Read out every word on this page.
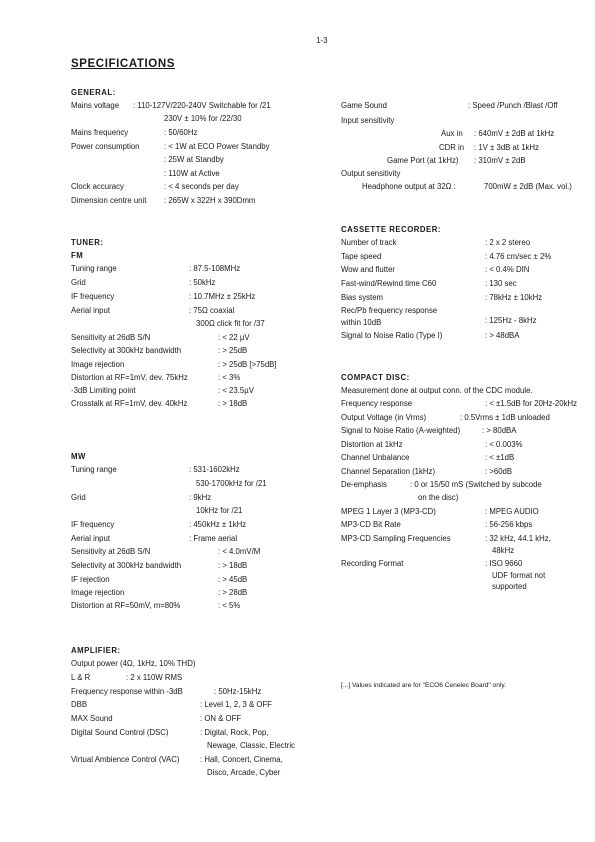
1-3
SPECIFICATIONS
GENERAL:
Mains voltage : 110-127V/220-240V Switchable for /21
230V ± 10% for /22/30
Mains frequency	: 50/60Hz
Power consumption	: < 1W at ECO Power Standby
: 25W at Standby
: 110W at Active
Clock accuracy	: < 4 seconds per day
Dimension centre unit : 265W x 322H x 390Dmm
TUNER:
FM
Tuning range	: 87.5-108MHz
Grid	: 50kHz
IF frequency	: 10.7MHz ± 25kHz
Aerial input	: 75Ω coaxial
300Ω click fit for /37
Sensitivity at 26dB S/N	: < 22 µV
Selectivity at 300kHz bandwidth	: > 25dB
Image rejection	: > 25dB [>75dB]
Distortion at RF=1mV, dev. 75kHz	: < 3%
-3dB Limiting point	: < 23.5µV
Crosstalk at RF=1mV, dev. 40kHz	: > 18dB
MW
Tuning range	: 531-1602kHz
530-1700kHz for /21
Grid	: 9kHz
10kHz for /21
IF frequency	: 450kHz ± 1kHz
Aerial input	: Frame aerial
Sensitivity at 26dB S/N	: < 4.0mV/M
Selectivity at 300kHz bandwidth	: > 18dB
IF rejection	: > 45dB
Image rejection	: > 28dB
Distortion at RF=50mV, m=80%	: < 5%
AMPLIFIER:
Output power (4Ω, 1kHz, 10% THD)
L & R	: 2 x 110W RMS
Frequency response within -3dB	: 50Hz-15kHz
DBB	: Level 1, 2, 3 & OFF
MAX Sound	: ON & OFF
Digital Sound Control (DSC)	: Digital, Rock, Pop,
Newage, Classic, Electric
Virtual Ambience Control (VAC)	: Hall, Concert, Cinema,
Disco, Arcade, Cyber
Game Sound	: Speed /Punch /Blast /Off
Input sensitivity
Aux in : 640mV ± 2dB at 1kHz
CDR in : 1V ± 3dB at 1kHz
Game Port (at 1kHz) : 310mV ± 2dB
Output sensitivity
Headphone output at 32Ω :	700mW ± 2dB (Max. vol.)
CASSETTE RECORDER:
Number of track	: 2 x 2 stereo
Tape speed	: 4.76 cm/sec ± 2%
Wow and flutter	: < 0.4% DIN
Fast-wind/Rewind time C60	: 130 sec
Bias system	: 78kHz ± 10kHz
Rec/Pb frequency response
within 10dB	: 125Hz - 8kHz
Signal to Noise Ratio (Type I)	: > 48dBA
COMPACT DISC:
Measurement done at output conn. of the CDC module.
Frequency response	: < ±1.5dB for 20Hz-20kHz
Output Voltage (in Vrms)	: 0.5Vrms ± 1dB unloaded
Signal to Noise Ratio (A-weighted)	: > 80dBA
Distortion at 1kHz	: < 0.003%
Channel Unbalance	: < ±1dB
Channel Separation (1kHz)	: >60dB
De-emphasis	: 0 or 15/50 mS (Switched by subcode
on the disc)
MPEG 1 Layer 3 (MP3-CD)	: MPEG AUDIO
MP3-CD Bit Rate	: 56-256 kbps
MP3-CD Sampling Frequencies	: 32 kHz, 44.1 kHz,
48kHz
Recording Format	: ISO 9660
UDF format not
supported
[...] Values indicated are for "ECO6 Cenelec Board" only.
